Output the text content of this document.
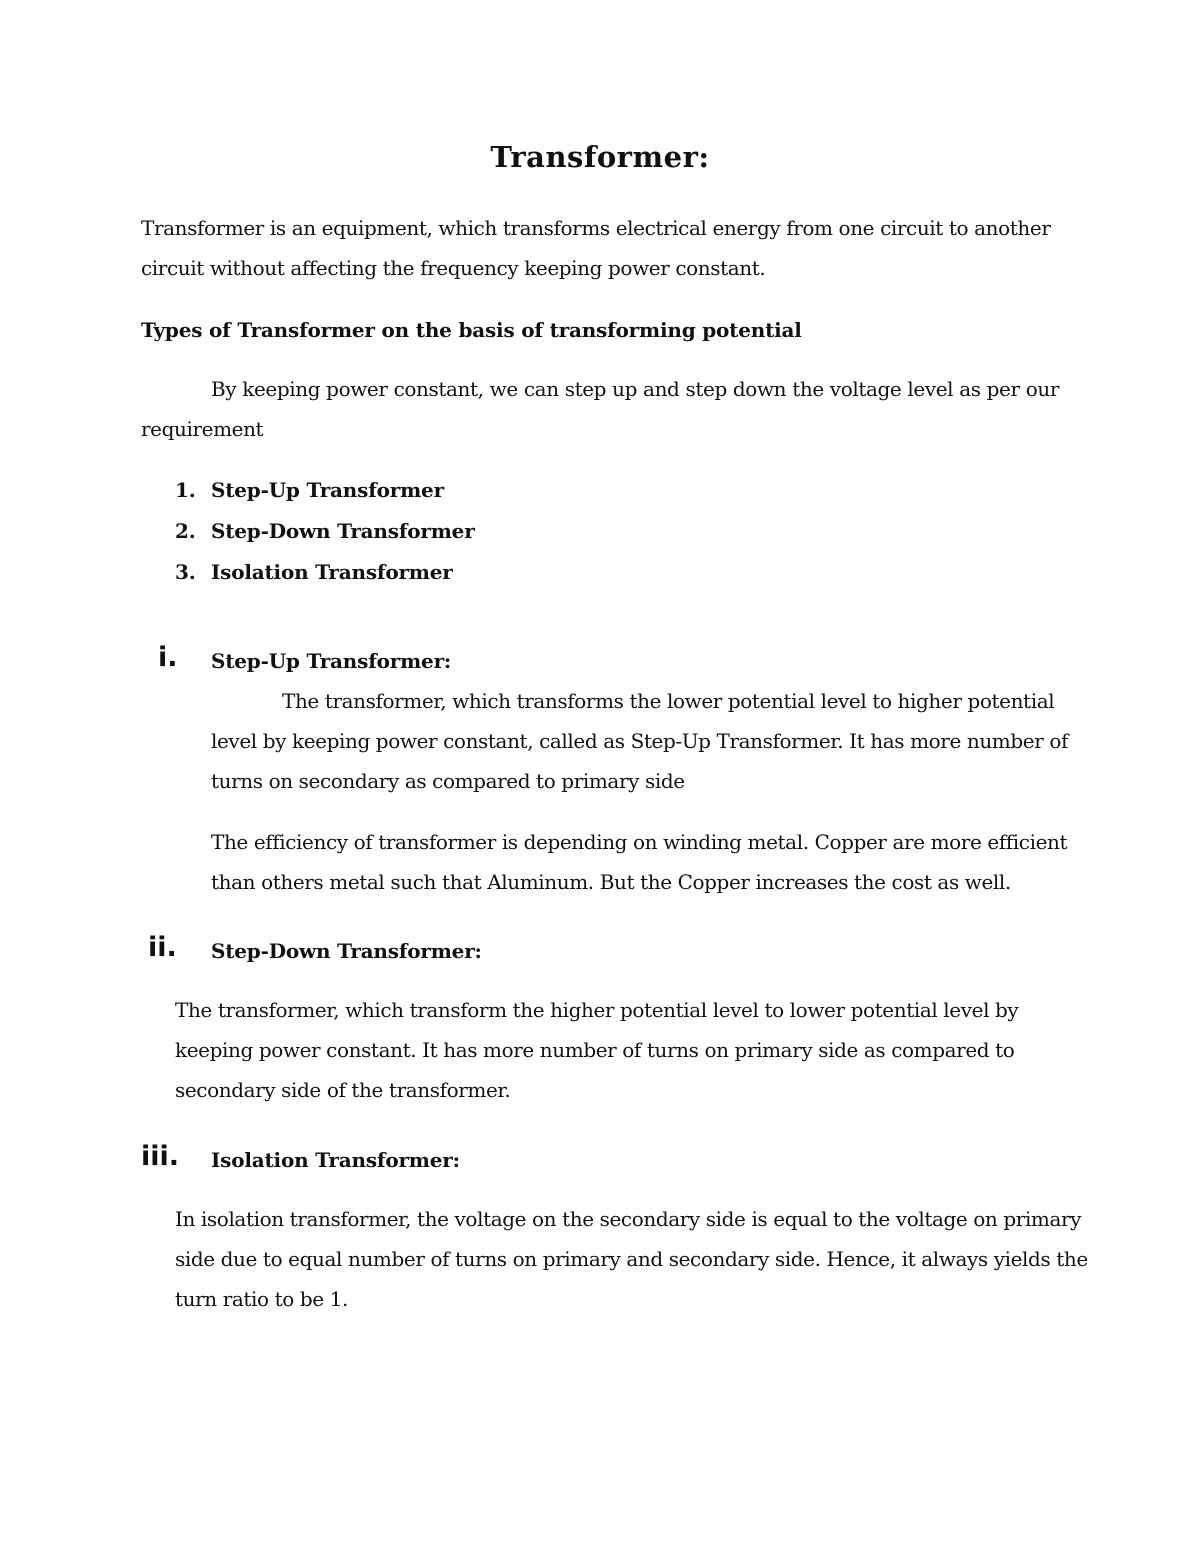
Transformer:
Transformer is an equipment, which transforms electrical energy from one circuit to another
circuit without affecting the frequency keeping power constant.
Types of Transformer on the basis of transforming potential
By keeping power constant, we can step up and step down the voltage level as per our
requirement
1. Step-Up Transformer
2. Step-Down Transformer
3. Isolation Transformer
i. Step-Up Transformer:
The transformer, which transforms the lower potential level to higher potential
level by keeping power constant, called as Step-Up Transformer. It has more number of
turns on secondary as compared to primary side
The efficiency of transformer is depending on winding metal. Copper are more efficient
than others metal such that Aluminum. But the Copper increases the cost as well.
ii. Step-Down Transformer:
The transformer, which transform the higher potential level to lower potential level by
keeping power constant. It has more number of turns on primary side as compared to
secondary side of the transformer.
iii. Isolation Transformer:
In isolation transformer, the voltage on the secondary side is equal to the voltage on primary
side due to equal number of turns on primary and secondary side. Hence, it always yields the
turn ratio to be 1.
